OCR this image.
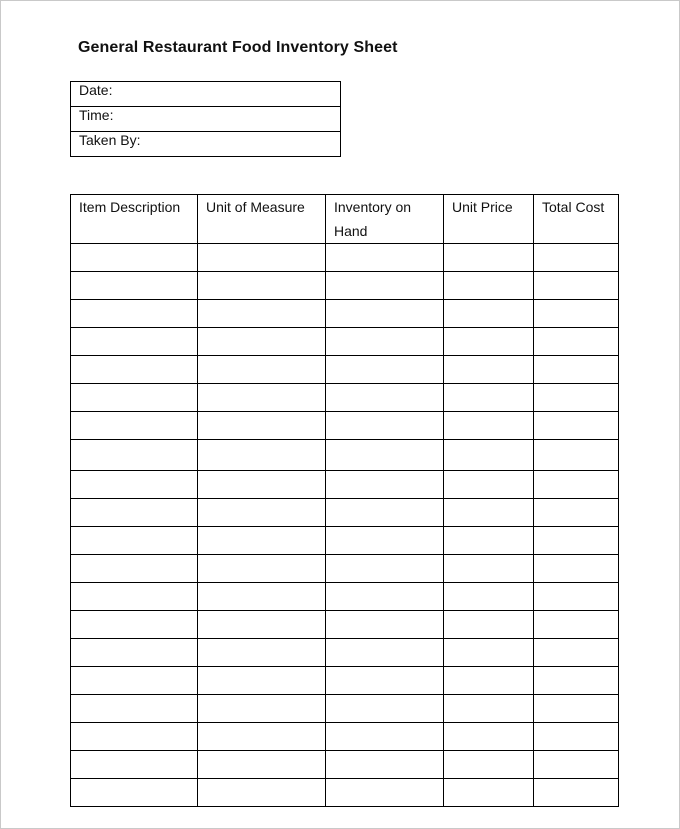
General Restaurant Food Inventory Sheet
Date:
Time:
Taken By:
Item Description	Unit of Measure	Inventory on Hand	Unit Price	Total Cost
